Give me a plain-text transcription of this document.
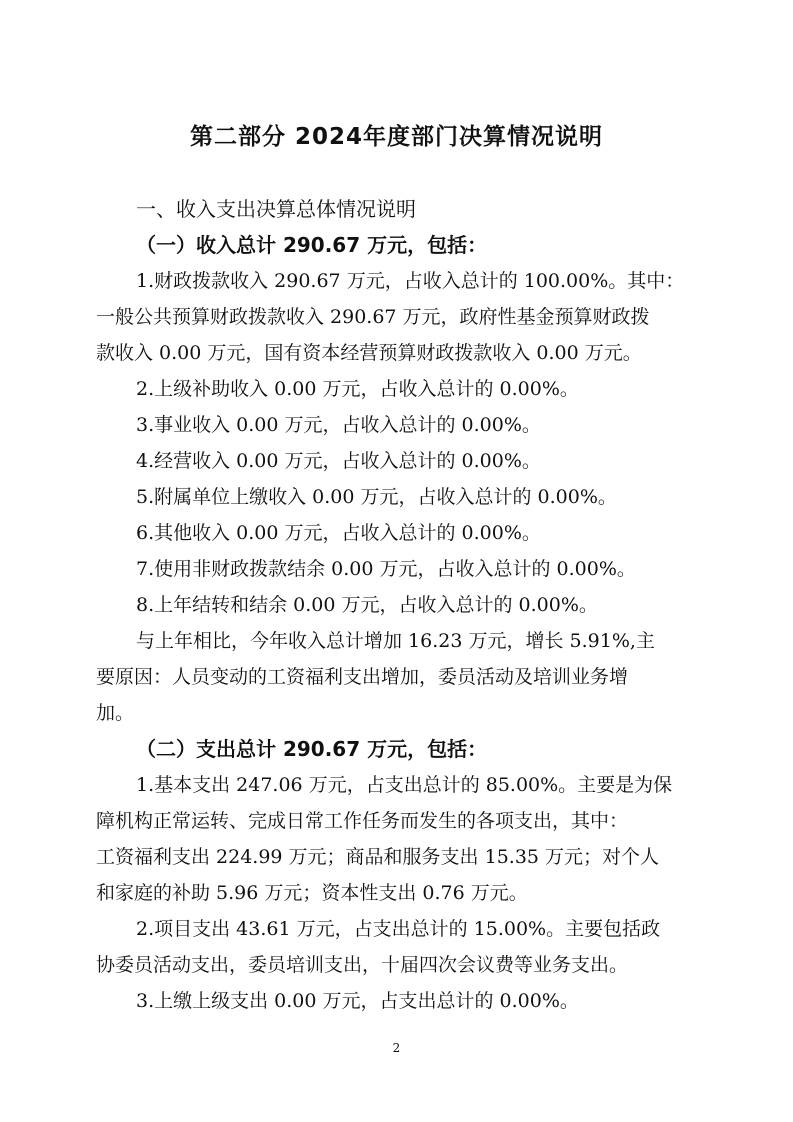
第二部分 2024年度部门决算情况说明
一、收入支出决算总体情况说明
（一）收入总计 290.67 万元，包括：
1.财政拨款收入 290.67 万元，占收入总计的 100.00%。其中：
一般公共预算财政拨款收入 290.67 万元，政府性基金预算财政拨
款收入 0.00 万元，国有资本经营预算财政拨款收入 0.00 万元。
2.上级补助收入 0.00 万元，占收入总计的 0.00%。
3.事业收入 0.00 万元，占收入总计的 0.00%。
4.经营收入 0.00 万元，占收入总计的 0.00%。
5.附属单位上缴收入 0.00 万元，占收入总计的 0.00%。
6.其他收入 0.00 万元，占收入总计的 0.00%。
7.使用非财政拨款结余 0.00 万元，占收入总计的 0.00%。
8.上年结转和结余 0.00 万元，占收入总计的 0.00%。
与上年相比，今年收入总计增加 16.23 万元，增长 5.91%,主
要原因：人员变动的工资福利支出增加，委员活动及培训业务增
加。
（二）支出总计 290.67 万元，包括：
1.基本支出 247.06 万元，占支出总计的 85.00%。主要是为保
障机构正常运转、完成日常工作任务而发生的各项支出，其中：
工资福利支出 224.99 万元；商品和服务支出 15.35 万元；对个人
和家庭的补助 5.96 万元；资本性支出 0.76 万元。
2.项目支出 43.61 万元，占支出总计的 15.00%。主要包括政
协委员活动支出，委员培训支出，十届四次会议费等业务支出。
3.上缴上级支出 0.00 万元，占支出总计的 0.00%。
2
